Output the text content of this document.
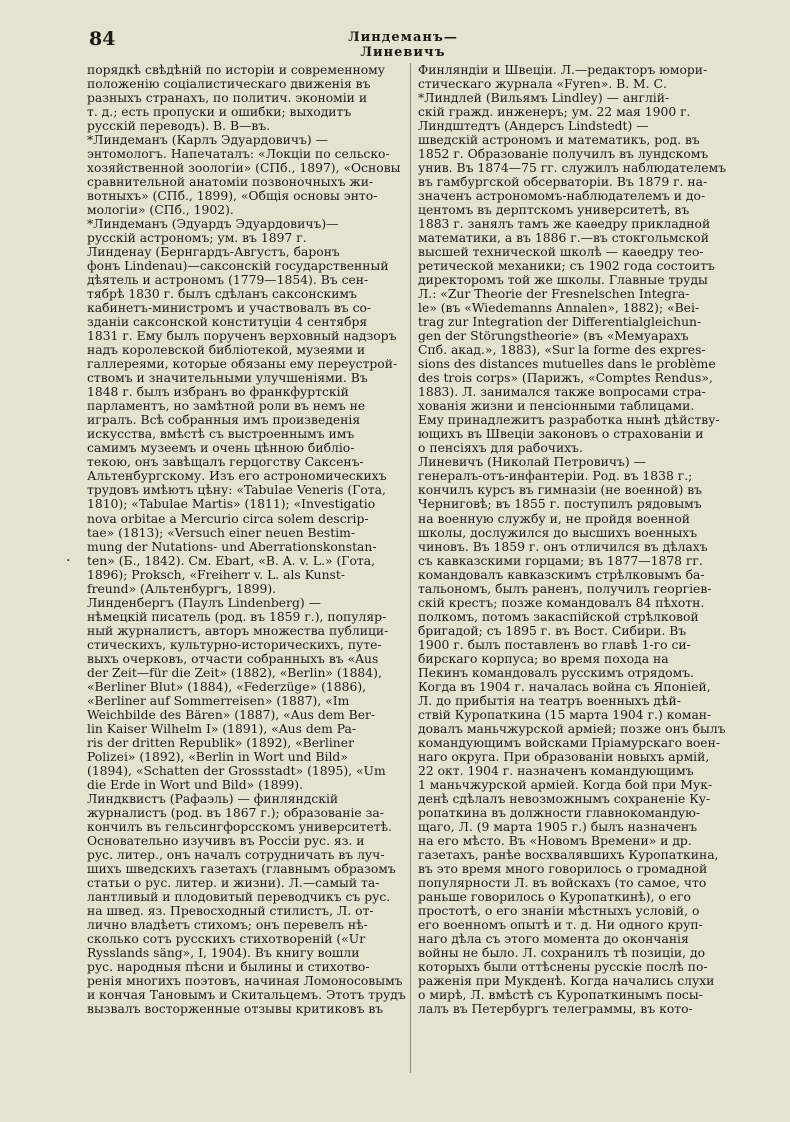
84	Линдеманъ—Линевичъ
порядкѣ свѣдѣній по исторіи и современному
положенію соціалистическаго движенія въ
разныхъ странахъ, по политич. экономіи и
т. д.; есть пропуски и ошибки; выходитъ
русскій переводъ). В. В—въ.
*Линдеманъ (Карлъ Эдуардовичъ) —
энтомологъ. Напечаталъ: «Локціи по сельско-
хозяйственной зоологіи» (СПб., 1897), «Основы
сравнительной анатоміи позвоночныхъ жи-
вотныхъ» (СПб., 1899), «Общія основы энто-
мологіи» (СПб., 1902).
*Линдеманъ (Эдуардъ Эдуардовичъ)—
русскій астрономъ; ум. въ 1897 г.
Линденау (Бернгардъ-Августъ, баронъ
фонъ Lindenau)—саксонскій государственный
дѣятель и астрономъ (1779—1854). Въ сен-
тябрѣ 1830 г. былъ сдѣланъ саксонскимъ
кабинетъ-министромъ и участвовалъ въ со-
зданіи саксонской конституціи 4 сентября
1831 г. Ему былъ порученъ верховный надзоръ
надъ королевской библіотекой, музеями и
галлереями, которые обязаны ему переустрой-
ствомъ и значительными улучшеніями. Въ
1848 г. былъ избранъ во франкфуртскій
парламентъ, но замѣтной роли въ немъ не
игралъ. Всѣ собранныя имъ произведенія
искусства, вмѣстѣ съ выстроеннымъ имъ
самимъ музеемъ и очень цѣнною библіо-
текою, онъ завѣщалъ герцогству Саксенъ-
Альтенбургскому. Изъ его астрономическихъ
трудовъ имѣютъ цѣну: «Tabulae Veneris (Гота,
1810); «Tabulae Martis» (1811); «Investigatio
nova orbitae a Mercurio circa solem descrip-
tae» (1813); «Versuch einer neuen Bestim-
mung der Nutations- und Aberrationskonstan-
ten» (Б., 1842). См. Ebart, «B. A. v. L.» (Гота,
1896); Proksch, «Freiherr v. L. als Kunst-
freund» (Альтенбургъ, 1899).
Линденбергъ (Паулъ Lindenberg) —
нѣмецкій писатель (род. въ 1859 г.), популяр-
ный журналистъ, авторъ множества публици-
стическихъ, культурно-историческихъ, путе-
выхъ очерковъ, отчасти собранныхъ въ «Aus
der Zeit—für die Zeit» (1882), «Berlin» (1884),
«Berliner Blut» (1884), «Federzüge» (1886),
«Berliner auf Sommerreisen» (1887), «Im
Weichbilde des Bären» (1887), «Aus dem Ber-
lin Kaiser Wilhelm I» (1891), «Aus dem Pa-
ris der dritten Republik» (1892), «Berliner
Polizei» (1892), «Berlin in Wort und Bild»
(1894), «Schatten der Grossstadt» (1895), «Um
die Erde in Wort und Bild» (1899).
Линдквистъ (Рафаэль) — финляндскій
журналистъ (род. въ 1867 г.); образованіе за-
кончилъ въ гельсингфорсскомъ университетѣ.
Основательно изучивъ въ Россіи рус. яз. и
рус. литер., онъ началъ сотрудничать въ луч-
шихъ шведскихъ газетахъ (главнымъ образомъ
статьи о рус. литер. и жизни). Л.—самый та-
лантливый и плодовитый переводчикъ съ рус.
на швед. яз. Превосходный стилистъ, Л. от-
лично владѣетъ стихомъ; онъ перевелъ нѣ-
сколько сотъ русскихъ стихотвореній («Ur
Rysslands säng», I, 1904). Въ книгу вошли
рус. народныя пѣсни и былины и стихотво-
ренія многихъ поэтовъ, начиная Ломоносовымъ
и кончая Тановымъ и Скитальцемъ. Этотъ трудъ
вызвалъ восторженные отзывы критиковъ въ
Финляндіи и Швеціи. Л.—редакторъ юмори-
стическаго журнала «Fyren». В. М. С.
*Линдлей (Вильямъ Lindley) — англій-
скій гражд. инженеръ; ум. 22 мая 1900 г.
Линдштедтъ (Андерсъ Lindstedt) —
шведскій астрономъ и математикъ, род. въ
1852 г. Образованіе получилъ въ лундскомъ
унив. Въ 1874—75 гг. служилъ наблюдателемъ
въ гамбургской обсерваторіи. Въ 1879 г. на-
значенъ астрономомъ-наблюдателемъ и до-
центомъ въ дерптскомъ университетѣ, въ
1883 г. занялъ тамъ же каѳедру прикладной
математики, а въ 1886 г.—въ стокгольмской
высшей технической школѣ — каѳедру тео-
ретической механики; съ 1902 года состоитъ
директоромъ той же школы. Главные труды
Л.: «Zur Theorie der Fresnelschen Integra-
le» (въ «Wiedemanns Annalen», 1882); «Bei-
trag zur Integration der Differentialgleichun-
gen der Störungstheorie» (въ «Мемуарахъ
Спб. акад.», 1883), «Sur la forme des expres-
sions des distances mutuelles dans le problème
des trois corps» (Парижъ, «Comptes Rendus»,
1883). Л. занимался также вопросами стра-
хованія жизни и пенсіонными таблицами.
Ему принадлежитъ разработка нынѣ дѣйству-
ющихъ въ Швеціи законовъ о страхованіи и
о пенсіяхъ для рабочихъ.
Линевичъ (Николай Петровичъ) —
генералъ-отъ-инфантеріи. Род. въ 1838 г.;
кончилъ курсъ въ гимназіи (не военной) въ
Черниговѣ; въ 1855 г. поступилъ рядовымъ
на военную службу и, не пройдя военной
школы, дослужился до высшихъ военныхъ
чиновъ. Въ 1859 г. онъ отличился въ дѣлахъ
съ кавказскими горцами; въ 1877—1878 гг.
командовалъ кавказскимъ стрѣлковымъ ба-
тальономъ, былъ раненъ, получилъ георгіев-
скій крестъ; позже командовалъ 84 пѣхотн.
полкомъ, потомъ закаспійской стрѣлковой
бригадой; съ 1895 г. въ Вост. Сибири. Въ
1900 г. былъ поставленъ во главѣ 1-го си-
бирскаго корпуса; во время похода на
Пекинъ командовалъ русскимъ отрядомъ.
Когда въ 1904 г. началась война съ Японіей,
Л. до прибытія на театръ военныхъ дѣй-
ствій Куропаткина (15 марта 1904 г.) коман-
довалъ маньчжурской арміей; позже онъ былъ
командующимъ войсками Пріамурскаго воен-
наго округа. При образованіи новыхъ армій,
22 окт. 1904 г. назначенъ командующимъ
1 маньчжурской арміей. Когда бой при Мук-
денѣ сдѣлалъ невозможнымъ сохраненіе Ку-
ропаткина въ должности главнокомандую-
щаго, Л. (9 марта 1905 г.) былъ назначенъ
на его мѣсто. Въ «Новомъ Времени» и др.
газетахъ, ранѣе восхвалявшихъ Куропаткина,
въ это время много говорилось о громадной
популярности Л. въ войскахъ (то самое, что
раньше говорилось о Куропаткинѣ), о его
простотѣ, о его знаніи мѣстныхъ условій, о
его военномъ опытѣ и т. д. Ни одного круп-
наго дѣла съ этого момента до окончанія
войны не было. Л. сохранилъ тѣ позиціи, до
которыхъ были оттѣснены русскіе послѣ по-
раженія при Мукденѣ. Когда начались слухи
о мирѣ, Л. вмѣстѣ съ Куропаткинымъ посы-
лалъ въ Петербургъ телеграммы, въ кото-
.
